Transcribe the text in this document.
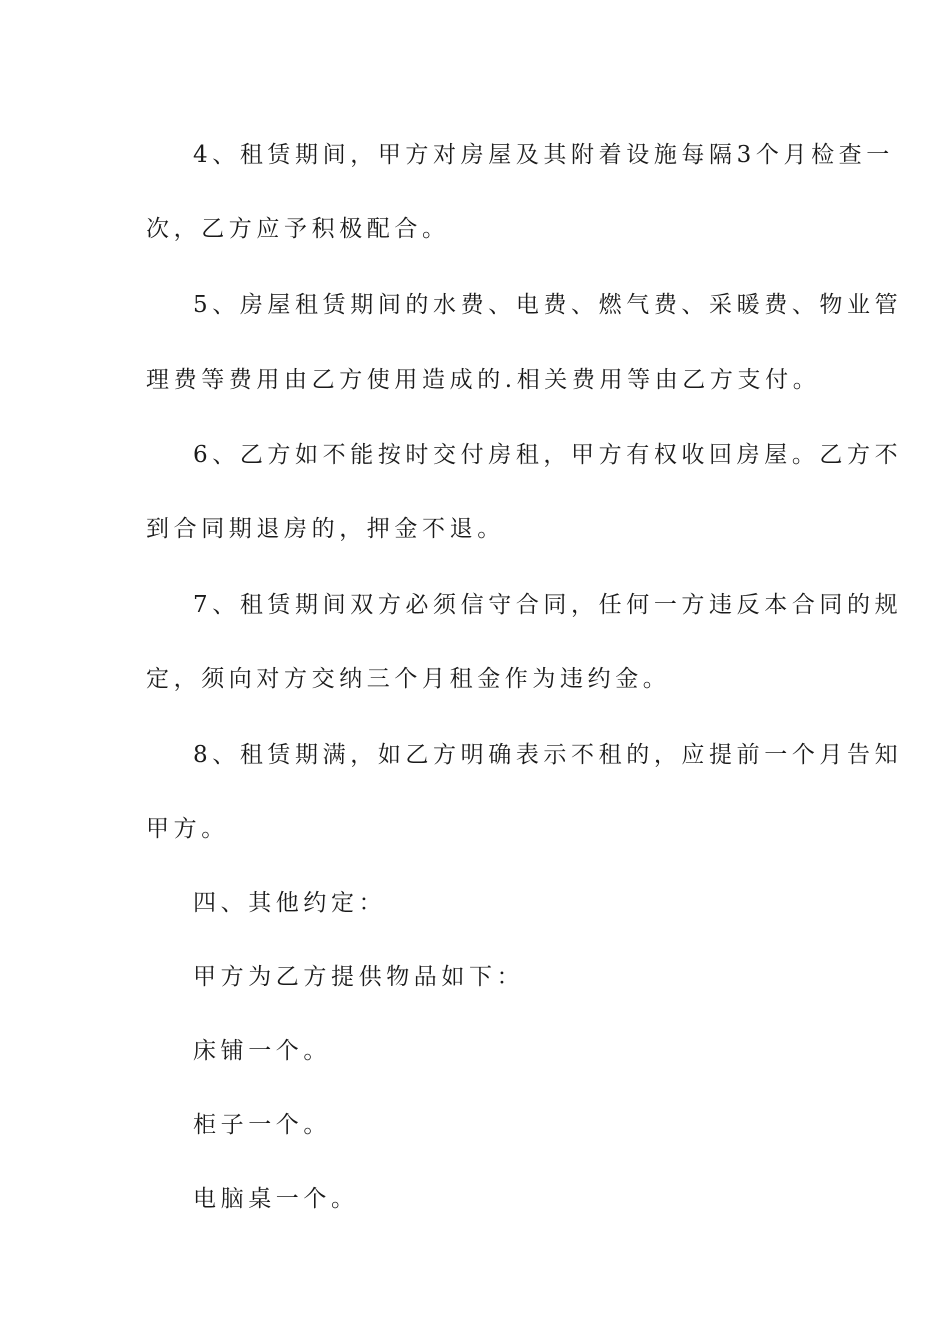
4、租赁期间，甲方对房屋及其附着设施每隔3个月检查一
次，乙方应予积极配合。
5、房屋租赁期间的水费、电费、燃气费、采暖费、物业管
理费等费用由乙方使用造成的.相关费用等由乙方支付。
6、乙方如不能按时交付房租，甲方有权收回房屋。乙方不
到合同期退房的，押金不退。
7、租赁期间双方必须信守合同，任何一方违反本合同的规
定，须向对方交纳三个月租金作为违约金。
8、租赁期满，如乙方明确表示不租的，应提前一个月告知
甲方。
四、其他约定：
甲方为乙方提供物品如下：
床铺一个。
柜子一个。
电脑桌一个。
